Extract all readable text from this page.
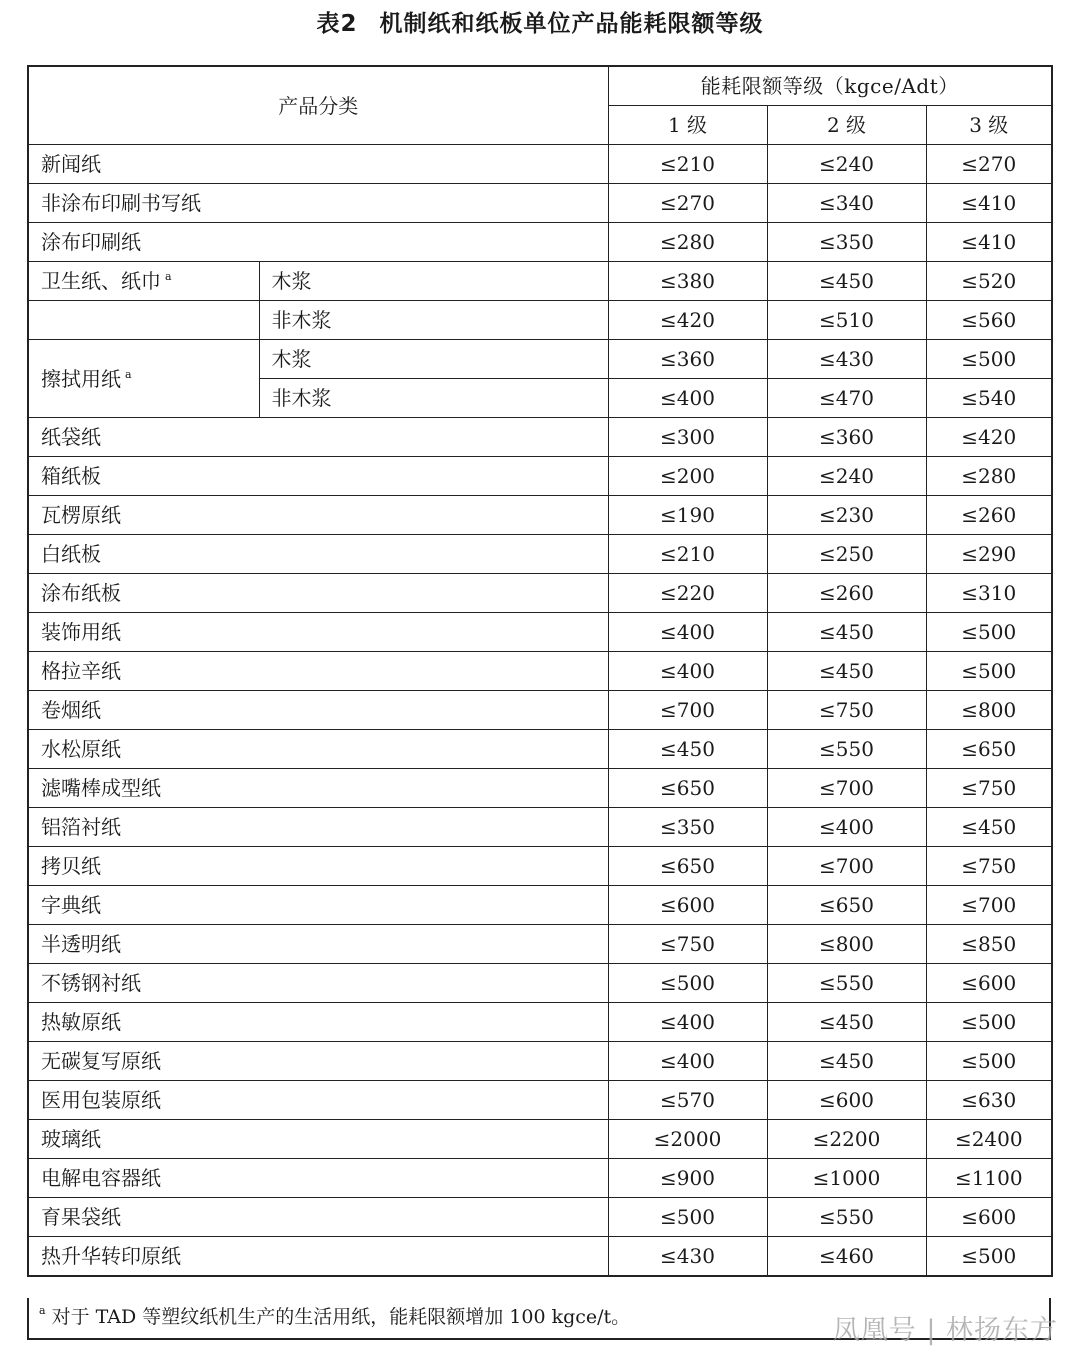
表2 机制纸和纸板单位产品能耗限额等级
产品分类		能耗限额等级（kgce/Adt）		
		1 级	2 级	3 级
新闻纸		≤210	≤240	≤270
非涂布印刷书写纸		≤270	≤340	≤410
涂布印刷纸		≤280	≤350	≤410
卫生纸、纸巾 $^a$	木浆	≤380	≤450	≤520
	非木浆	≤420	≤510	≤560
擦拭用纸 $^a$	木浆	≤360	≤430	≤500
	非木浆	≤400	≤470	≤540
纸袋纸		≤300	≤360	≤420
箱纸板		≤200	≤240	≤280
瓦楞原纸		≤190	≤230	≤260
白纸板		≤210	≤250	≤290
涂布纸板		≤220	≤260	≤310
装饰用纸		≤400	≤450	≤500
格拉辛纸		≤400	≤450	≤500
卷烟纸		≤700	≤750	≤800
水松原纸		≤450	≤550	≤650
滤嘴棒成型纸		≤650	≤700	≤750
铝箔衬纸		≤350	≤400	≤450
拷贝纸		≤650	≤700	≤750
字典纸		≤600	≤650	≤700
半透明纸		≤750	≤800	≤850
不锈钢衬纸		≤500	≤550	≤600
热敏原纸		≤400	≤450	≤500
无碳复写原纸		≤400	≤450	≤500
医用包装原纸		≤570	≤600	≤630
玻璃纸		≤2000	≤2200	≤2400
电解电容器纸		≤900	≤1000	≤1100
育果袋纸		≤500	≤550	≤600
热升华转印原纸		≤430	≤460	≤500
$^a$ 对于 TAD 等塑纹纸机生产的生活用纸，能耗限额增加 100 kgce/t。	凤凰号 | 林扬东方
